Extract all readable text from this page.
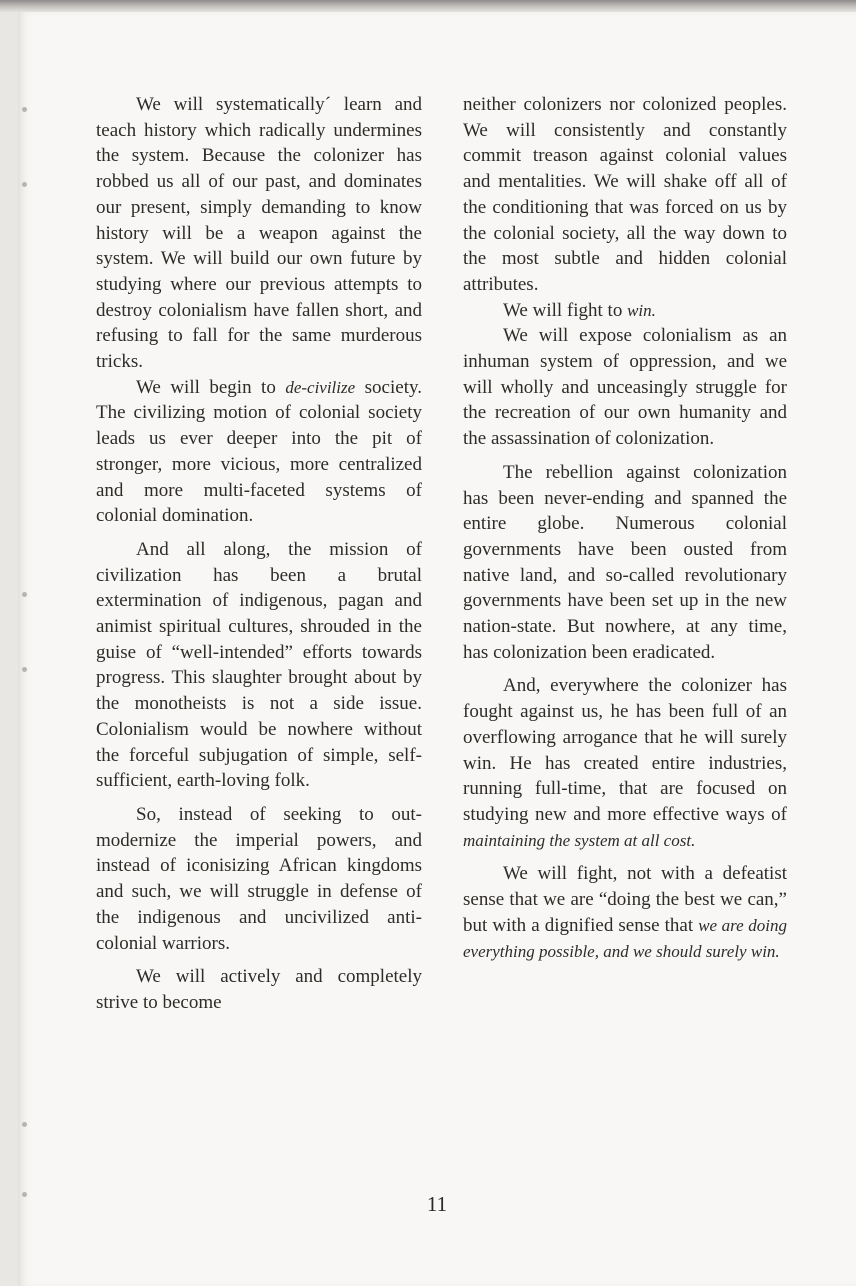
We will systematically´ learn and teach history which radically undermines the system. Because the colonizer has robbed us all of our past, and dominates our present, simply demanding to know history will be a weapon against the system. We will build our own future by studying where our previous attempts to destroy colonialism have fallen short, and refusing to fall for the same murderous tricks.

We will begin to de-civilize society. The civilizing motion of colonial society leads us ever deeper into the pit of stronger, more vicious, more centralized and more multi-faceted systems of colonial domination.

And all along, the mission of civilization has been a brutal extermination of indigenous, pagan and animist spiritual cultures, shrouded in the guise of “well-intended” efforts towards progress. This slaughter brought about by the monotheists is not a side issue. Colonialism would be nowhere without the forceful subjugation of simple, self-sufficient, earth-loving folk.

So, instead of seeking to out-modernize the imperial powers, and instead of iconisizing African kingdoms and such, we will struggle in defense of the indigenous and uncivilized anti-colonial warriors.

We will actively and completely strive to become

neither colonizers nor colonized peoples. We will consistently and constantly commit treason against colonial values and mentalities. We will shake off all of the conditioning that was forced on us by the colonial society, all the way down to the most subtle and hidden colonial attributes.

We will fight to win.

We will expose colonialism as an inhuman system of oppression, and we will wholly and unceasingly struggle for the recreation of our own humanity and the assassination of colonization.

The rebellion against colonization has been never-ending and spanned the entire globe. Numerous colonial governments have been ousted from native land, and so-called revolutionary governments have been set up in the new nation-state. But nowhere, at any time, has colonization been eradicated.

And, everywhere the colonizer has fought against us, he has been full of an overflowing arrogance that he will surely win. He has created entire industries, running full-time, that are focused on studying new and more effective ways of maintaining the system at all cost.

We will fight, not with a defeatist sense that we are “doing the best we can,” but with a dignified sense that we are doing everything possible, and we should surely win.

11
